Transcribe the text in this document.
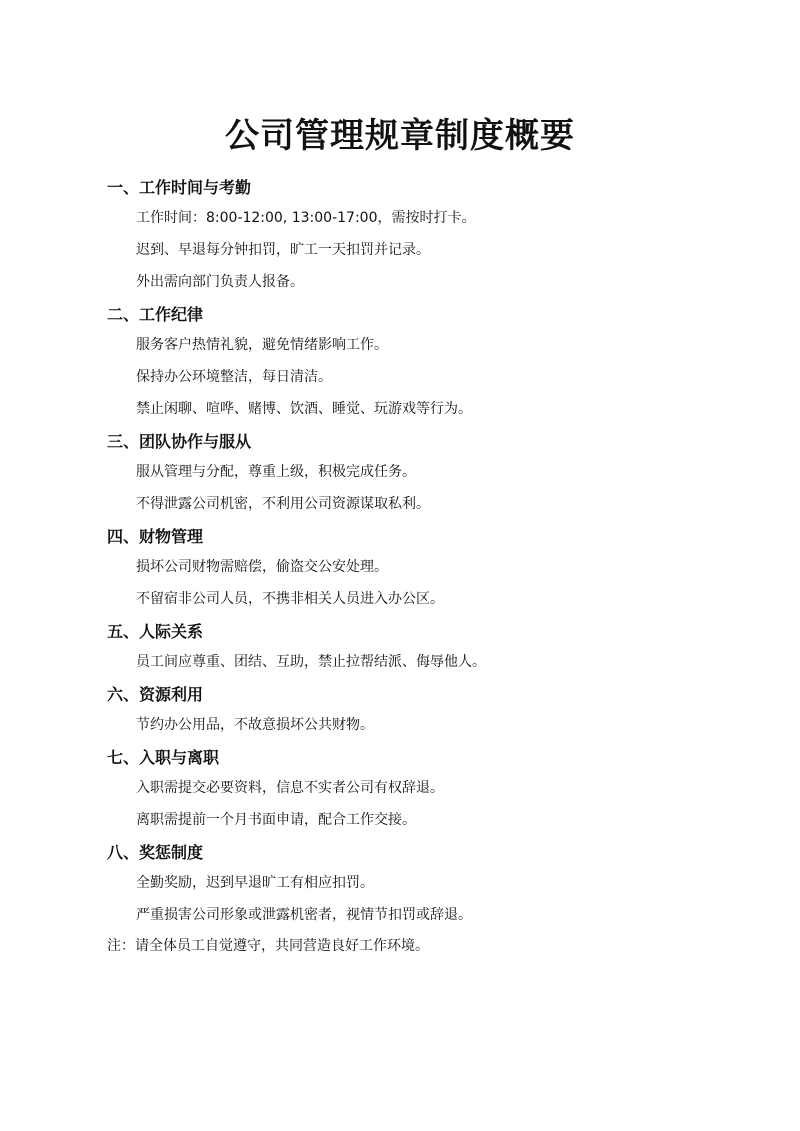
公司管理规章制度概要
一、工作时间与考勤
工作时间：8:00-12:00, 13:00-17:00，需按时打卡。
迟到、早退每分钟扣罚，旷工一天扣罚并记录。
外出需向部门负责人报备。
二、工作纪律
服务客户热情礼貌，避免情绪影响工作。
保持办公环境整洁，每日清洁。
禁止闲聊、喧哗、赌博、饮酒、睡觉、玩游戏等行为。
三、团队协作与服从
服从管理与分配，尊重上级，积极完成任务。
不得泄露公司机密，不利用公司资源谋取私利。
四、财物管理
损坏公司财物需赔偿，偷盗交公安处理。
不留宿非公司人员，不携非相关人员进入办公区。
五、人际关系
员工间应尊重、团结、互助，禁止拉帮结派、侮辱他人。
六、资源利用
节约办公用品，不故意损坏公共财物。
七、入职与离职
入职需提交必要资料，信息不实者公司有权辞退。
离职需提前一个月书面申请，配合工作交接。
八、奖惩制度
全勤奖励，迟到早退旷工有相应扣罚。
严重损害公司形象或泄露机密者，视情节扣罚或辞退。
注：请全体员工自觉遵守，共同营造良好工作环境。
